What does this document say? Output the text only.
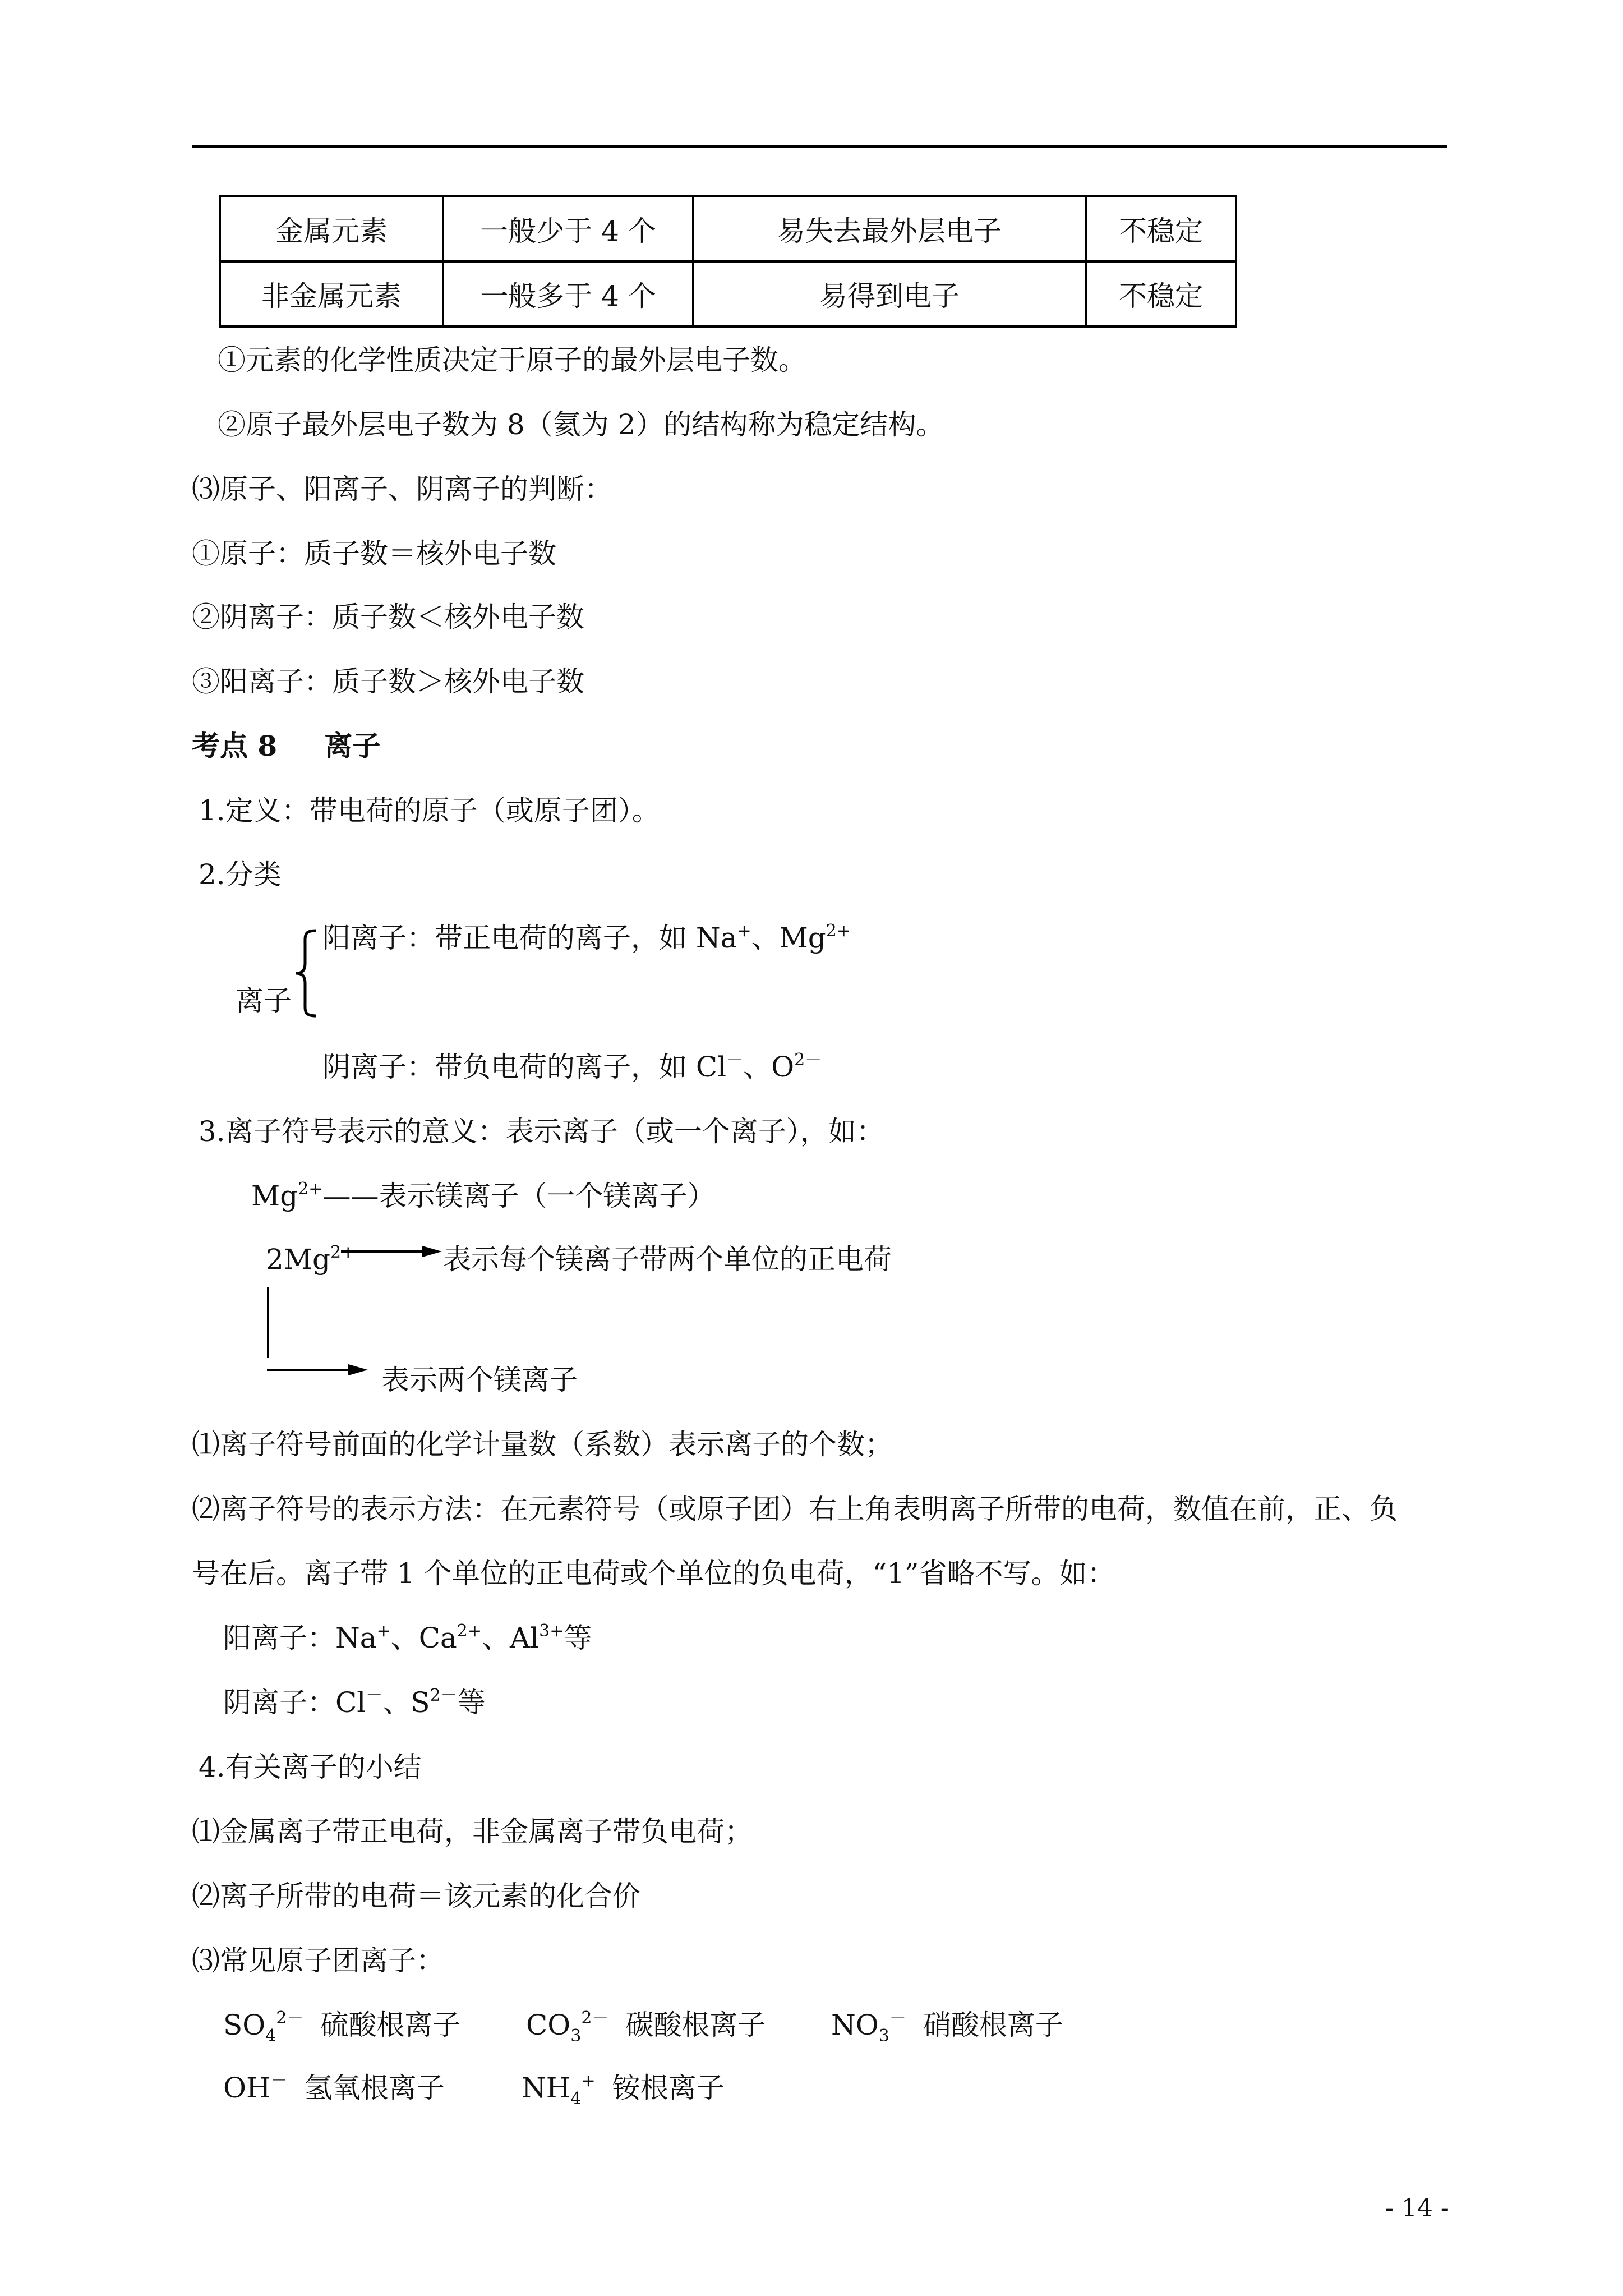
金属元素	一般少于 4 个	易失去最外层电子	不稳定
非金属元素	一般多于 4 个	易得到电子	不稳定
①元素的化学性质决定于原子的最外层电子数。
②原子最外层电子数为 8（氦为 2）的结构称为稳定结构。
⑶原子、阳离子、阴离子的判断：
①原子：质子数＝核外电子数
②阴离子：质子数＜核外电子数
③阳离子：质子数＞核外电子数
考点 8 离子
1.定义：带电荷的原子（或原子团）。
2.分类
阳离子：带正电荷的离子，如 Na+、$Mg^{2+}$
离子
阴离子：带负电荷的离子，如 Cl－、$O^{2-}$
3.离子符号表示的意义：表示离子（或一个离子），如：
$Mg^{2+}——$表示镁离子（一个镁离子）
$2Mg^{2+}$	表示每个镁离子带两个单位的正电荷
表示两个镁离子
⑴离子符号前面的化学计量数（系数）表示离子的个数；
⑵离子符号的表示方法：在元素符号（或原子团）右上角表明离子所带的电荷，数值在前，正、负
号在后。离子带 1 个单位的正电荷或个单位的负电荷，“1”省略不写。如：
阳离子：Na+、$Ca^{2+}$、$Al^{3+}$等
阴离子：Cl－、$S^{2-}$等
4.有关离子的小结
⑴金属离子带正电荷，非金属离子带负电荷；
⑵离子所带的电荷＝该元素的化合价
⑶常见原子团离子：
$SO_4^{2-}$ 硫酸根离子 $CO_3^{2-}$ 碳酸根离子 $NO_3^-$ 硝酸根离子
OH－ 氢氧根离子	$NH_4^+$ 铵根离子
- 14 -
